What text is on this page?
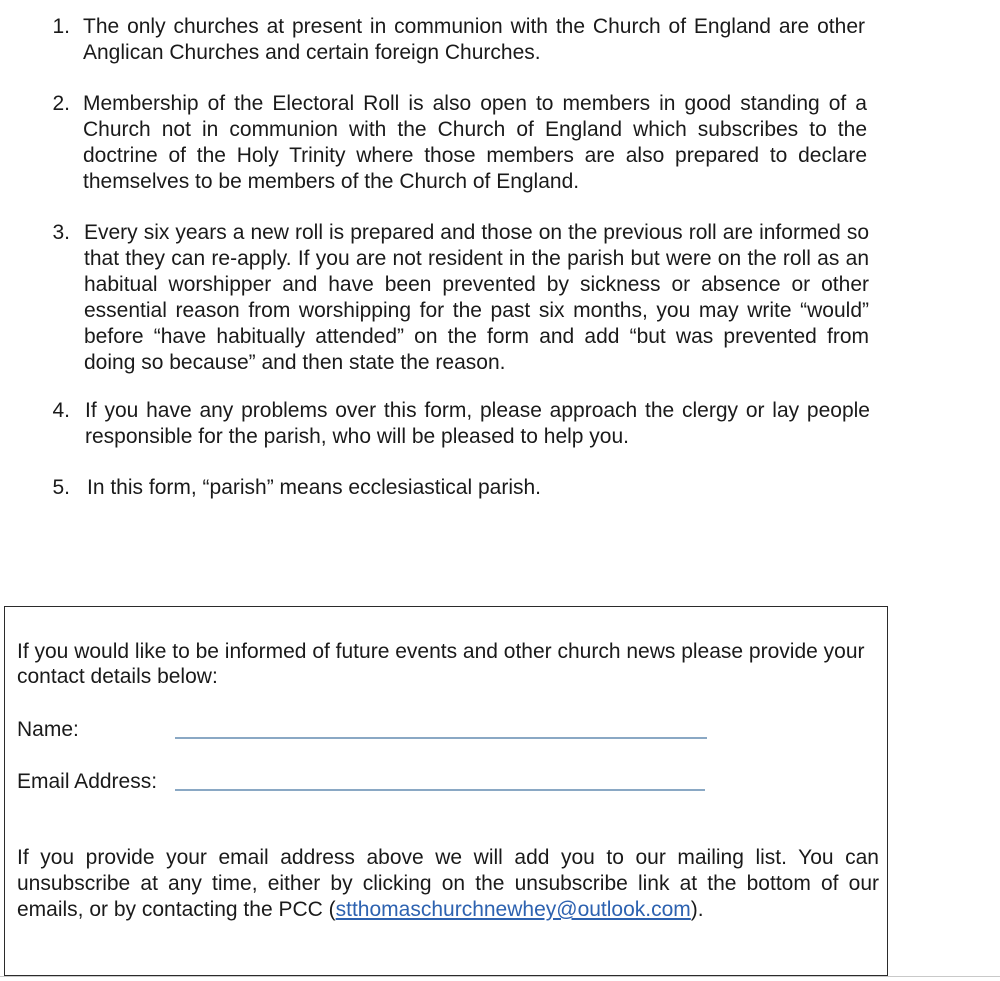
1. The only churches at present in communion with the Church of England are other Anglican Churches and certain foreign Churches.
2. Membership of the Electoral Roll is also open to members in good standing of a Church not in communion with the Church of England which subscribes to the doctrine of the Holy Trinity where those members are also prepared to declare themselves to be members of the Church of England.
3. Every six years a new roll is prepared and those on the previous roll are informed so that they can re-apply. If you are not resident in the parish but were on the roll as an habitual worshipper and have been prevented by sickness or absence or other essential reason from worshipping for the past six months, you may write “would” before “have habitually attended” on the form and add “but was prevented from doing so because” and then state the reason.
4. If you have any problems over this form, please approach the clergy or lay people responsible for the parish, who will be pleased to help you.
5. In this form, “parish” means ecclesiastical parish.
If you would like to be informed of future events and other church news please provide your contact details below:
Name:
Email Address:
If you provide your email address above we will add you to our mailing list. You can unsubscribe at any time, either by clicking on the unsubscribe link at the bottom of our emails, or by contacting the PCC (stthomaschurchnewhey@outlook.com).
